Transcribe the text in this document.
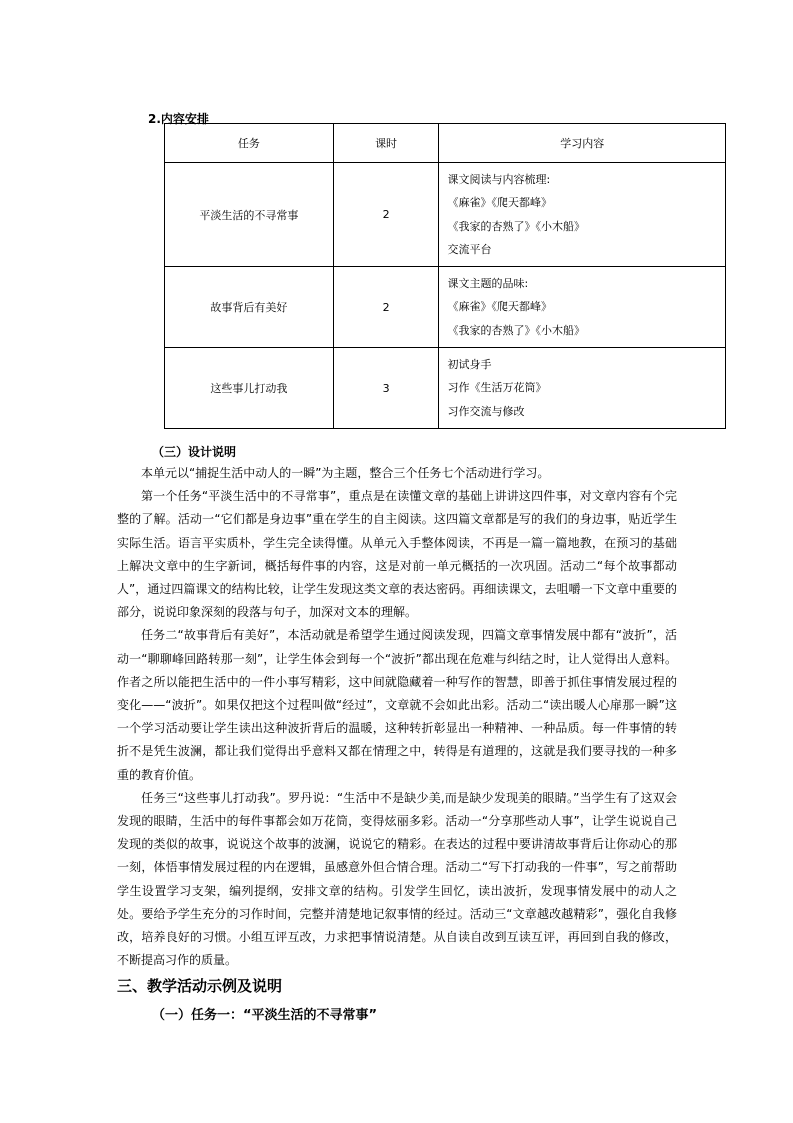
2.内容安排
任务	课时	学习内容
平淡生活的不寻常事	2	课文阅读与内容梳理:
《麻雀》《爬天都峰》
《我家的杏熟了》《小木船》
交流平台

故事背后有美好	2	课文主题的品味:
《麻雀》《爬天都峰》
《我家的杏熟了》《小木船》

这些事儿打动我	3	初试身手
习作《生活万花筒》
习作交流与修改
（三）设计说明

本单元以“捕捉生活中动人的一瞬”为主题，整合三个任务七个活动进行学习。

第一个任务“平淡生活中的不寻常事”，重点是在读懂文章的基础上讲讲这四件事，对文章内容有个完整的了解。活动一“它们都是身边事”重在学生的自主阅读。这四篇文章都是写的我们的身边事，贴近学生实际生活。语言平实质朴，学生完全读得懂。从单元入手整体阅读，不再是一篇一篇地教，在预习的基础上解决文章中的生字新词，概括每件事的内容，这是对前一单元概括的一次巩固。活动二“每个故事都动人”，通过四篇课文的结构比较，让学生发现这类文章的表达密码。再细读课文，去咀嚼一下文章中重要的部分，说说印象深刻的段落与句子，加深对文本的理解。

任务二“故事背后有美好”，本活动就是希望学生通过阅读发现，四篇文章事情发展中都有“波折”，活动一“聊聊峰回路转那一刻”，让学生体会到每一个“波折”都出现在危难与纠结之时，让人觉得出人意料。作者之所以能把生活中的一件小事写精彩，这中间就隐藏着一种写作的智慧，即善于抓住事情发展过程的变化——“波折”。如果仅把这个过程叫做“经过”，文章就不会如此出彩。活动二“读出暖人心扉那一瞬”这一个学习活动要让学生读出这种波折背后的温暖，这种转折彰显出一种精神、一种品质。每一件事情的转折不是凭生波澜，都让我们觉得出乎意料又都在情理之中，转得是有道理的，这就是我们要寻找的一种多重的教育价值。

任务三“这些事儿打动我”。罗丹说：“生活中不是缺少美,而是缺少发现美的眼睛。”当学生有了这双会发现的眼睛，生活中的每件事都会如万花筒，变得炫丽多彩。活动一“分享那些动人事”，让学生说说自己发现的类似的故事，说说这个故事的波澜，说说它的精彩。在表达的过程中要讲清故事背后让你动心的那一刻，体悟事情发展过程的内在逻辑，虽感意外但合情合理。活动二“写下打动我的一件事”，写之前帮助学生设置学习支架，编列提纲，安排文章的结构。引发学生回忆，读出波折，发现事情发展中的动人之处。要给予学生充分的习作时间，完整并清楚地记叙事情的经过。活动三“文章越改越精彩”，强化自我修改，培养良好的习惯。小组互评互改，力求把事情说清楚。从自读自改到互读互评，再回到自我的修改，不断提高习作的质量。

三、教学活动示例及说明
（一）任务一：“平淡生活的不寻常事”
